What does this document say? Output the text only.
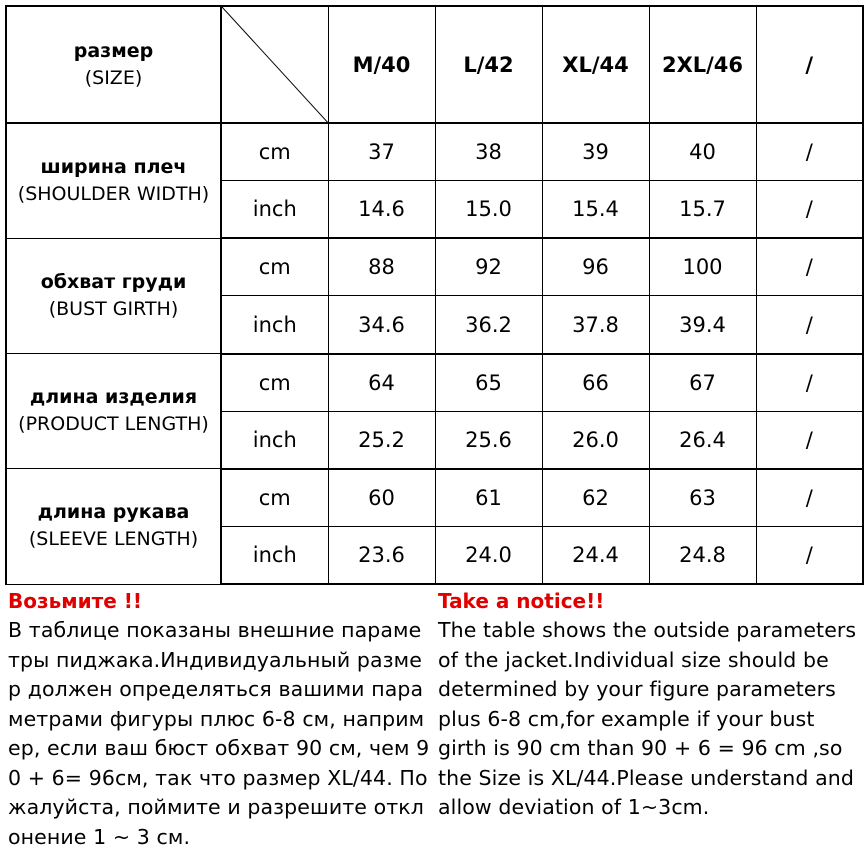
размер
(SIZE)		M/40	L/42	XL/44	2XL/46	/

ширина плеч
(SHOULDER WIDTH)	cm	37	38	39	40	/
	inch	14.6	15.0	15.4	15.7	/

обхват груди
(BUST GIRTH)	cm	88	92	96	100	/
	inch	34.6	36.2	37.8	39.4	/

длина изделия
(PRODUCT LENGTH)	cm	64	65	66	67	/
	inch	25.2	25.6	26.0	26.4	/

длина рукава
(SLEEVE LENGTH)	cm	60	61	62	63	/
	inch	23.6	24.0	24.4	24.8	/
Возьмите !!
В таблице показаны внешние параметры пиджака.Индивидуальный размер должен определяться вашими параметрами фигуры плюс 6-8 см, например, если ваш бюст обхват 90 см, чем 90 + 6= 96см, так что размер XL/44. Пожалуйста, поймите и разрешите отклонение 1 ~ 3 см.
Take a notice!!
The table shows the outside parameters of the jacket.Individual size should be determined by your figure parameters plus 6-8 cm,for example if your bust girth is 90 cm than 90 + 6 = 96 cm ,so the Size is XL/44.Please understand and allow deviation of 1~3cm.
